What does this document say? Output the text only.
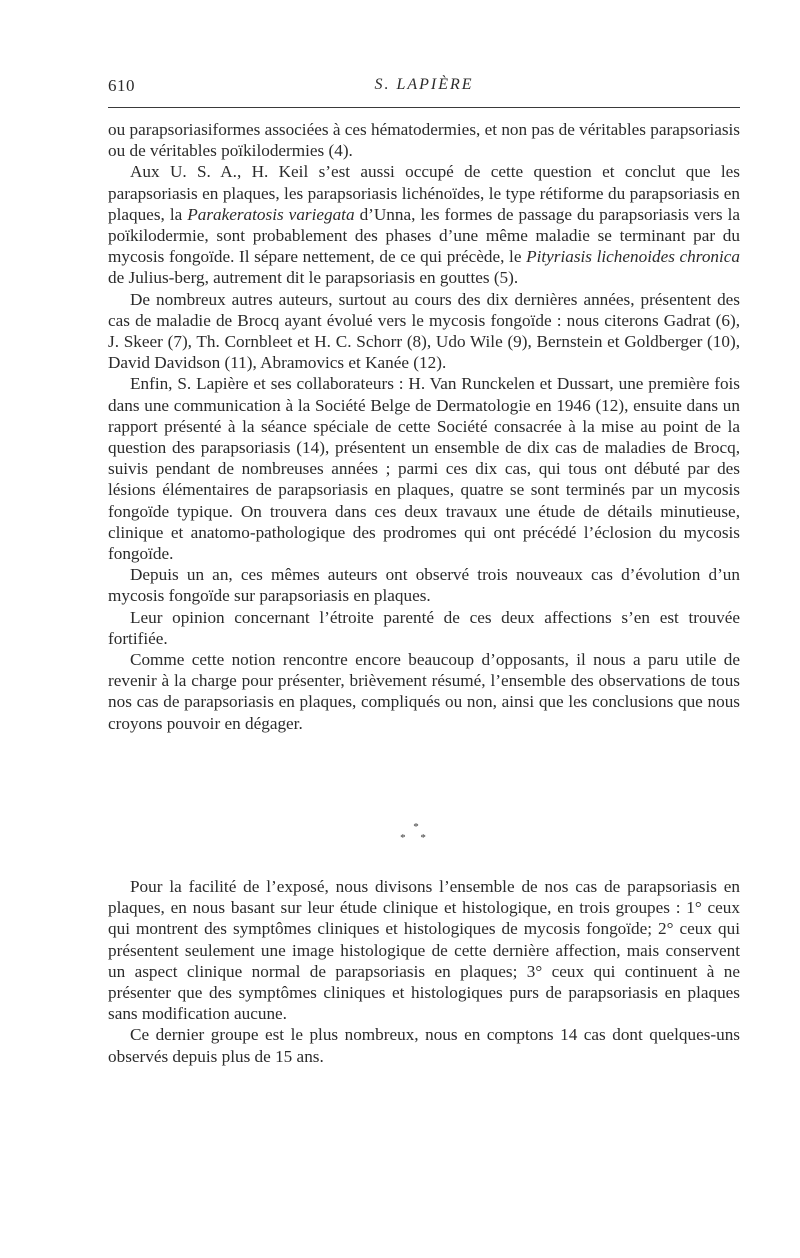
610	S. LAPIÈRE

ou parapsoriasiformes associées à ces hématodermies, et non pas de véritables parapsoriasis ou de véritables poïkilodermies (4).

Aux U. S. A., H. Keil s’est aussi occupé de cette question et conclut que les parapsoriasis en plaques, les parapsoriasis lichénoïdes, le type rétiforme du parapsoriasis en plaques, la Parakeratosis variegata d’Unna, les formes de passage du parapsoriasis vers la poïkilodermie, sont probablement des phases d’une même maladie se terminant par du mycosis fongoïde. Il sépare nettement, de ce qui précède, le Pityriasis lichenoides chronica de Julius-berg, autrement dit le parapsoriasis en gouttes (5).

De nombreux autres auteurs, surtout au cours des dix dernières années, présentent des cas de maladie de Brocq ayant évolué vers le mycosis fongoïde : nous citerons Gadrat (6), J. Skeer (7), Th. Cornbleet et H. C. Schorr (8), Udo Wile (9), Bernstein et Goldberger (10), David Davidson (11), Abramovics et Kanée (12).

Enfin, S. Lapière et ses collaborateurs : H. Van Runckelen et Dussart, une première fois dans une communication à la Société Belge de Dermatologie en 1946 (12), ensuite dans un rapport présenté à la séance spéciale de cette Société consacrée à la mise au point de la question des parapsoriasis (14), présentent un ensemble de dix cas de maladies de Brocq, suivis pendant de nombreuses années ; parmi ces dix cas, qui tous ont débuté par des lésions élémentaires de parapsoriasis en plaques, quatre se sont terminés par un mycosis fongoïde typique. On trouvera dans ces deux travaux une étude de détails minutieuse, clinique et anatomo-pathologique des prodromes qui ont précédé l’éclosion du mycosis fongoïde.

Depuis un an, ces mêmes auteurs ont observé trois nouveaux cas d’évolution d’un mycosis fongoïde sur parapsoriasis en plaques.

Leur opinion concernant l’étroite parenté de ces deux affections s’en est trouvée fortifiée.

Comme cette notion rencontre encore beaucoup d’opposants, il nous a paru utile de revenir à la charge pour présenter, brièvement résumé, l’ensemble des observations de tous nos cas de parapsoriasis en plaques, compliqués ou non, ainsi que les conclusions que nous croyons pouvoir en dégager.

*
* *

Pour la facilité de l’exposé, nous divisons l’ensemble de nos cas de parapsoriasis en plaques, en nous basant sur leur étude clinique et histologique, en trois groupes : 1° ceux qui montrent des symptômes cliniques et histologiques de mycosis fongoïde; 2° ceux qui présentent seulement une image histologique de cette dernière affection, mais conservent un aspect clinique normal de parapsoriasis en plaques; 3° ceux qui continuent à ne présenter que des symptômes cliniques et histologiques purs de parapsoriasis en plaques sans modification aucune.

Ce dernier groupe est le plus nombreux, nous en comptons 14 cas dont quelques-uns observés depuis plus de 15 ans.
